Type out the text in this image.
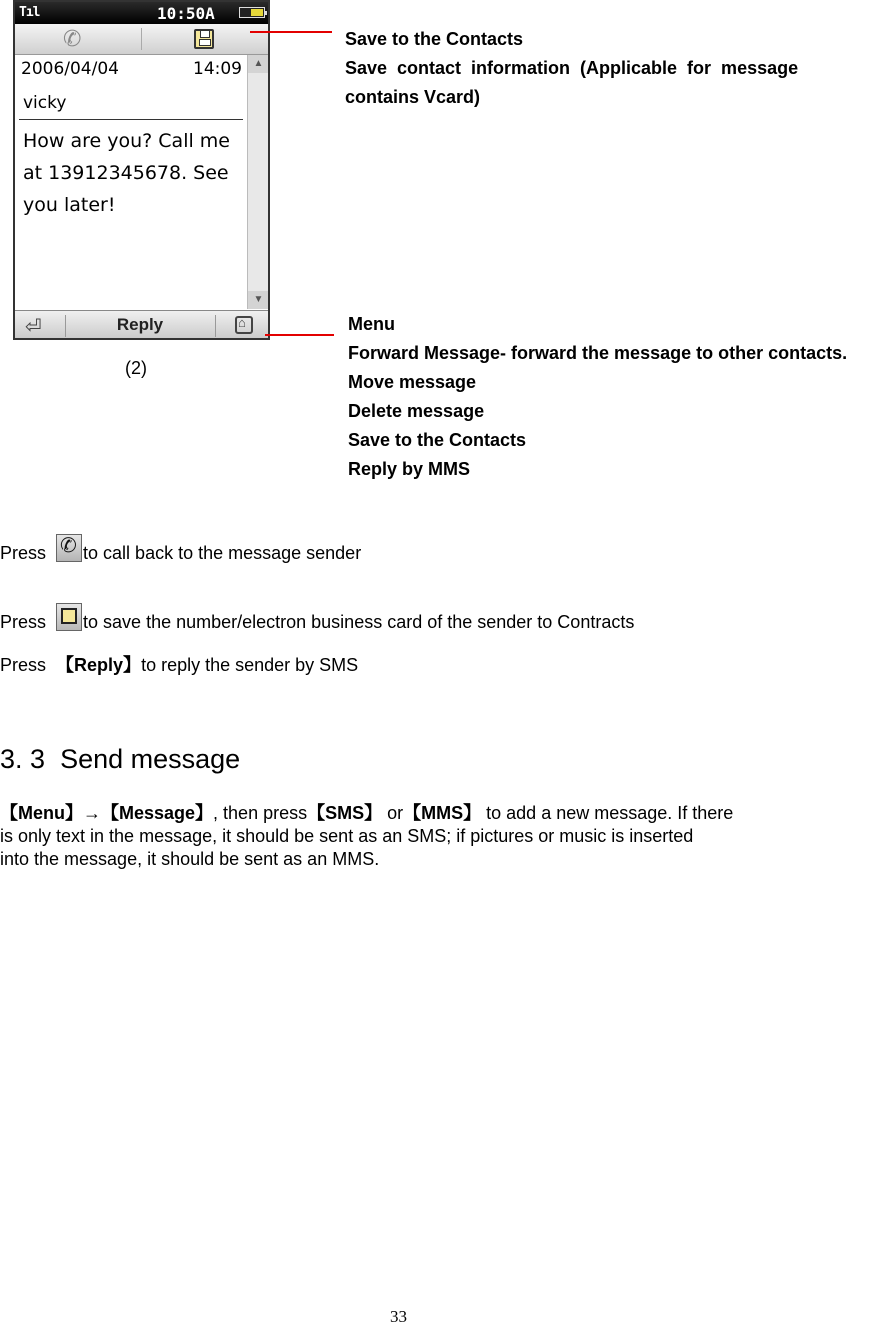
Tıl	10:50A
✆
2006/04/04	14:09
vicky
How are you? Call me at 13912345678. See you later!
▲
▼
⏎	Reply
⌂
Save to the Contacts
Save  contact  information  (Applicable  for  message
contains Vcard)
Menu
Forward Message- forward the message to other contacts.
Move message
Delete message
Save to the Contacts
Reply by MMS
(2)
Press  ✆ to call back to the message sender
Press to save the number/electron business card of the sender to Contracts
Press 【Reply】to reply the sender by SMS
3. 3 Send message
【Menu】→【Message】, then press【SMS】 or【MMS】 to add a new message. If there
is only text in the message, it should be sent as an SMS; if pictures or music is inserted
into the message, it should be sent as an MMS.
33
